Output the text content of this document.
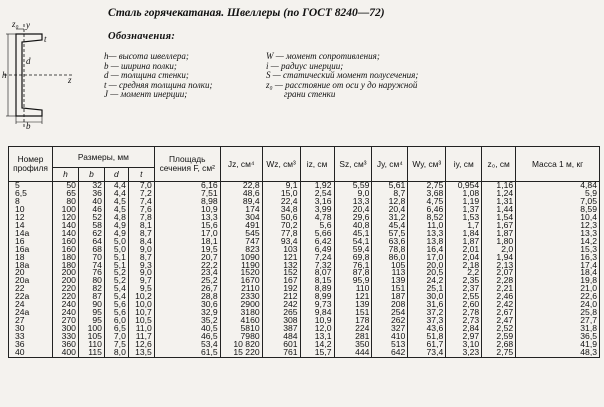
z₀ y
h
d
t
z
b
Сталь горячекатаная. Швеллеры (по ГОСТ 8240—72)
Обозначения:
h— высота швеллера;
b — ширина полки;
d — толщина стенки;
t — средняя толщина полки;
J — момент инерции;
W — момент сопротивления;
i — радиус инерции;
S — статический момент полусечения;
z₀ — расстояние от оси y до наружной
грани стенки
Номер профиля	Размеры, мм				Площадь сечения F, см²	Jz, см⁴	Wz, см³	iz, см	Sz, см³	Jy, см⁴	Wy, см³	iy, см	z₀, см	Масса 1 м, кг
	h	b	d	t										
5	50	32	4,4	7,0	6,16	22,8	9,1	1,92	5,59	5,61	2,75	0,954	1,16	4,84
6,5	65	36	4,4	7,2	7,51	48,6	15,0	2,54	9,0	8,7	3,68	1,08	1,24	5,9
8	80	40	4,5	7,4	8,98	89,4	22,4	3,16	13,3	12,8	4,75	1,19	1,31	7,05
10	100	46	4,5	7,6	10,9	174	34,8	3,99	20,4	20,4	6,46	1,37	1,44	8,59
12	120	52	4,8	7,8	13,3	304	50,6	4,78	29,6	31,2	8,52	1,53	1,54	10,4
14	140	58	4,9	8,1	15,6	491	70,2	5,6	40,8	45,4	11,0	1,7	1,67	12,3
14а	140	62	4,9	8,7	17,0	545	77,8	5,66	45,1	57,5	13,3	1,84	1,87	13,3
16	160	64	5,0	8,4	18,1	747	93,4	6,42	54,1	63,6	13,8	1,87	1,80	14,2
16а	160	68	5,0	9,0	19,5	823	103	6,49	59,4	78,8	16,4	2,01	2,0	15,3
18	180	70	5,1	8,7	20,7	1090	121	7,24	69,8	86,0	17,0	2,04	1,94	16,3
18а	180	74	5,1	9,3	22,2	1190	132	7,32	76,1	105	20,0	2,18	2,13	17,4
20	200	76	5,2	9,0	23,4	1520	152	8,07	87,8	113	20,5	2,2	2,07	18,4
20а	200	80	5,2	9,7	25,2	1670	167	8,15	95,9	139	24,2	2,35	2,28	19,8
22	220	82	5,4	9,5	26,7	2110	192	8,89	110	151	25,1	2,37	2,21	21,0
22а	220	87	5,4	10,2	28,8	2330	212	8,99	121	187	30,0	2,55	2,46	22,6
24	240	90	5,6	10,0	30,6	2900	242	9,73	139	208	31,6	2,60	2,42	24,0
24а	240	95	5,6	10,7	32,9	3180	265	9,84	151	254	37,2	2,78	2,67	25,8
27	270	95	6,0	10,5	35,2	4160	308	10,9	178	262	37,3	2,73	2,47	27,7
30	300	100	6,5	11,0	40,5	5810	387	12,0	224	327	43,6	2,84	2,52	31,8
33	330	105	7,0	11,7	46,5	7980	484	13,1	281	410	51,8	2,97	2,59	36,5
36	360	110	7,5	12,6	53,4	10 820	601	14,2	350	513	61,7	3,10	2,68	41,9
40	400	115	8,0	13,5	61,5	15 220	761	15,7	444	642	73,4	3,23	2,75	48,3
